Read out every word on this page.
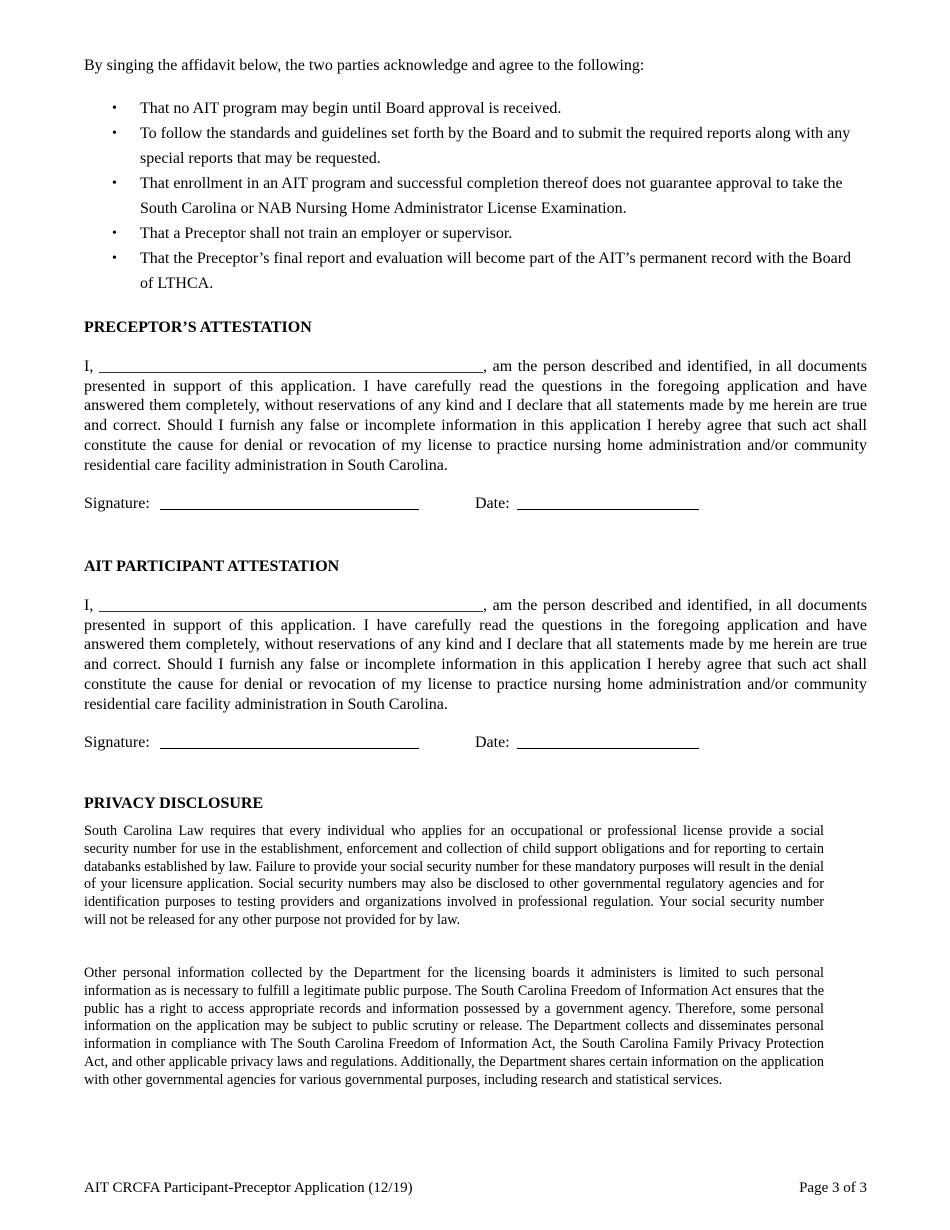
By singing the affidavit below, the two parties acknowledge and agree to the following:

• That no AIT program may begin until Board approval is received.
• To follow the standards and guidelines set forth by the Board and to submit the required reports along with any special reports that may be requested.
• That enrollment in an AIT program and successful completion thereof does not guarantee approval to take the South Carolina or NAB Nursing Home Administrator License Examination.
• That a Preceptor shall not train an employer or supervisor.
• That the Preceptor’s final report and evaluation will become part of the AIT’s permanent record with the Board of LTHCA.
PRECEPTOR’S ATTESTATION

I, ________________________________________________, am the person described and identified, in all documents presented in support of this application. I have carefully read the questions in the foregoing application and have answered them completely, without reservations of any kind and I declare that all statements made by me herein are true and correct. Should I furnish any false or incomplete information in this application I hereby agree that such act shall constitute the cause for denial or revocation of my license to practice nursing home administration and/or community residential care facility administration in South Carolina.

Signature:	Date:
AIT PARTICIPANT ATTESTATION

I, ________________________________________________, am the person described and identified, in all documents presented in support of this application. I have carefully read the questions in the foregoing application and have answered them completely, without reservations of any kind and I declare that all statements made by me herein are true and correct. Should I furnish any false or incomplete information in this application I hereby agree that such act shall constitute the cause for denial or revocation of my license to practice nursing home administration and/or community residential care facility administration in South Carolina.

Signature:	Date:
PRIVACY DISCLOSURE

South Carolina Law requires that every individual who applies for an occupational or professional license provide a social security number for use in the establishment, enforcement and collection of child support obligations and for reporting to certain databanks established by law. Failure to provide your social security number for these mandatory purposes will result in the denial of your licensure application. Social security numbers may also be disclosed to other governmental regulatory agencies and for identification purposes to testing providers and organizations involved in professional regulation. Your social security number will not be released for any other purpose not provided for by law.

Other personal information collected by the Department for the licensing boards it administers is limited to such personal information as is necessary to fulfill a legitimate public purpose. The South Carolina Freedom of Information Act ensures that the public has a right to access appropriate records and information possessed by a government agency. Therefore, some personal information on the application may be subject to public scrutiny or release. The Department collects and disseminates personal information in compliance with The South Carolina Freedom of Information Act, the South Carolina Family Privacy Protection Act, and other applicable privacy laws and regulations. Additionally, the Department shares certain information on the application with other governmental agencies for various governmental purposes, including research and statistical services.

AIT CRCFA Participant-Preceptor Application (12/19)	Page 3 of 3
